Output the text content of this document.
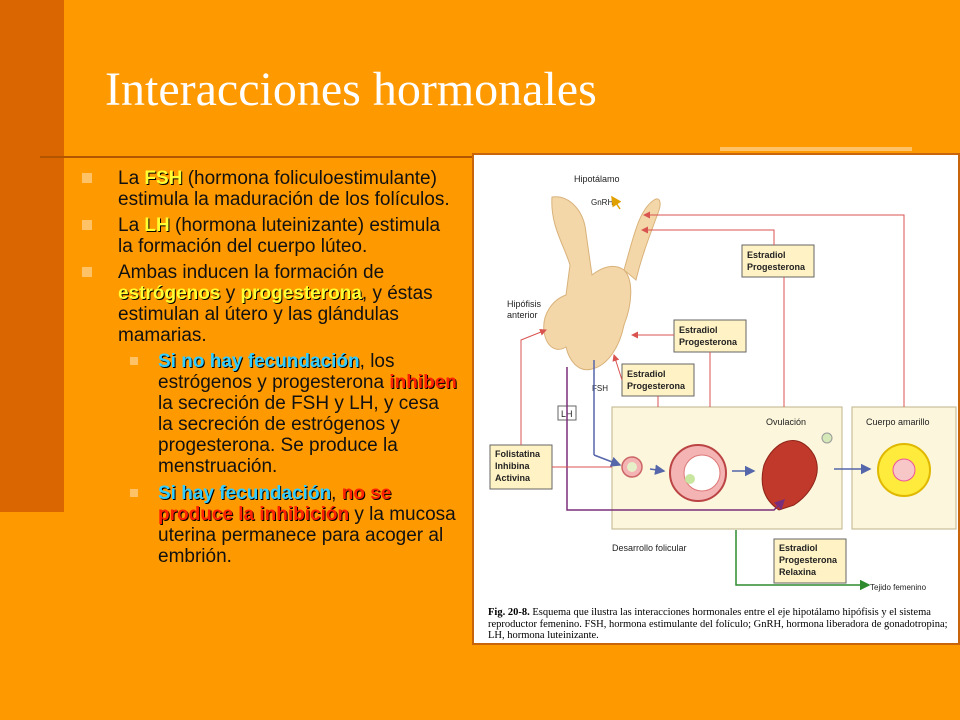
Interacciones hormonales
La FSH (hormona foliculoestimulante) estimula la maduración de los folículos.
La LH (hormona luteinizante) estimula la formación del cuerpo lúteo.
Ambas inducen la formación de estrógenos y progesterona, y éstas estimulan al útero y las glándulas mamarias.
Si no hay fecundación, los estrógenos y progesterona inhiben la secreción de FSH y LH, y cesa la secreción de estrógenos y progesterona. Se produce la menstruación.
Si hay fecundación, no se produce la inhibición y la mucosa uterina permanece para acoger al embrión.
Hipotálamo
GnRH
Hipófisis
anterior
FSH
LH
Estradiol
Progesterona
Estradiol
Progesterona
Estradiol
Progesterona
Folistatina
Inhibina
Activina
Estradiol
Progesterona
Relaxina
Ovulación	Cuerpo amarillo
Desarrollo folicular
Tejido femenino
Fig. 20-8. Esquema que ilustra las interacciones hormonales entre el eje hipotálamo hipófisis y el sistema reproductor femenino. FSH, hormona estimulante del folículo; GnRH, hormona liberadora de gonadotropina; LH, hormona luteinizante.
